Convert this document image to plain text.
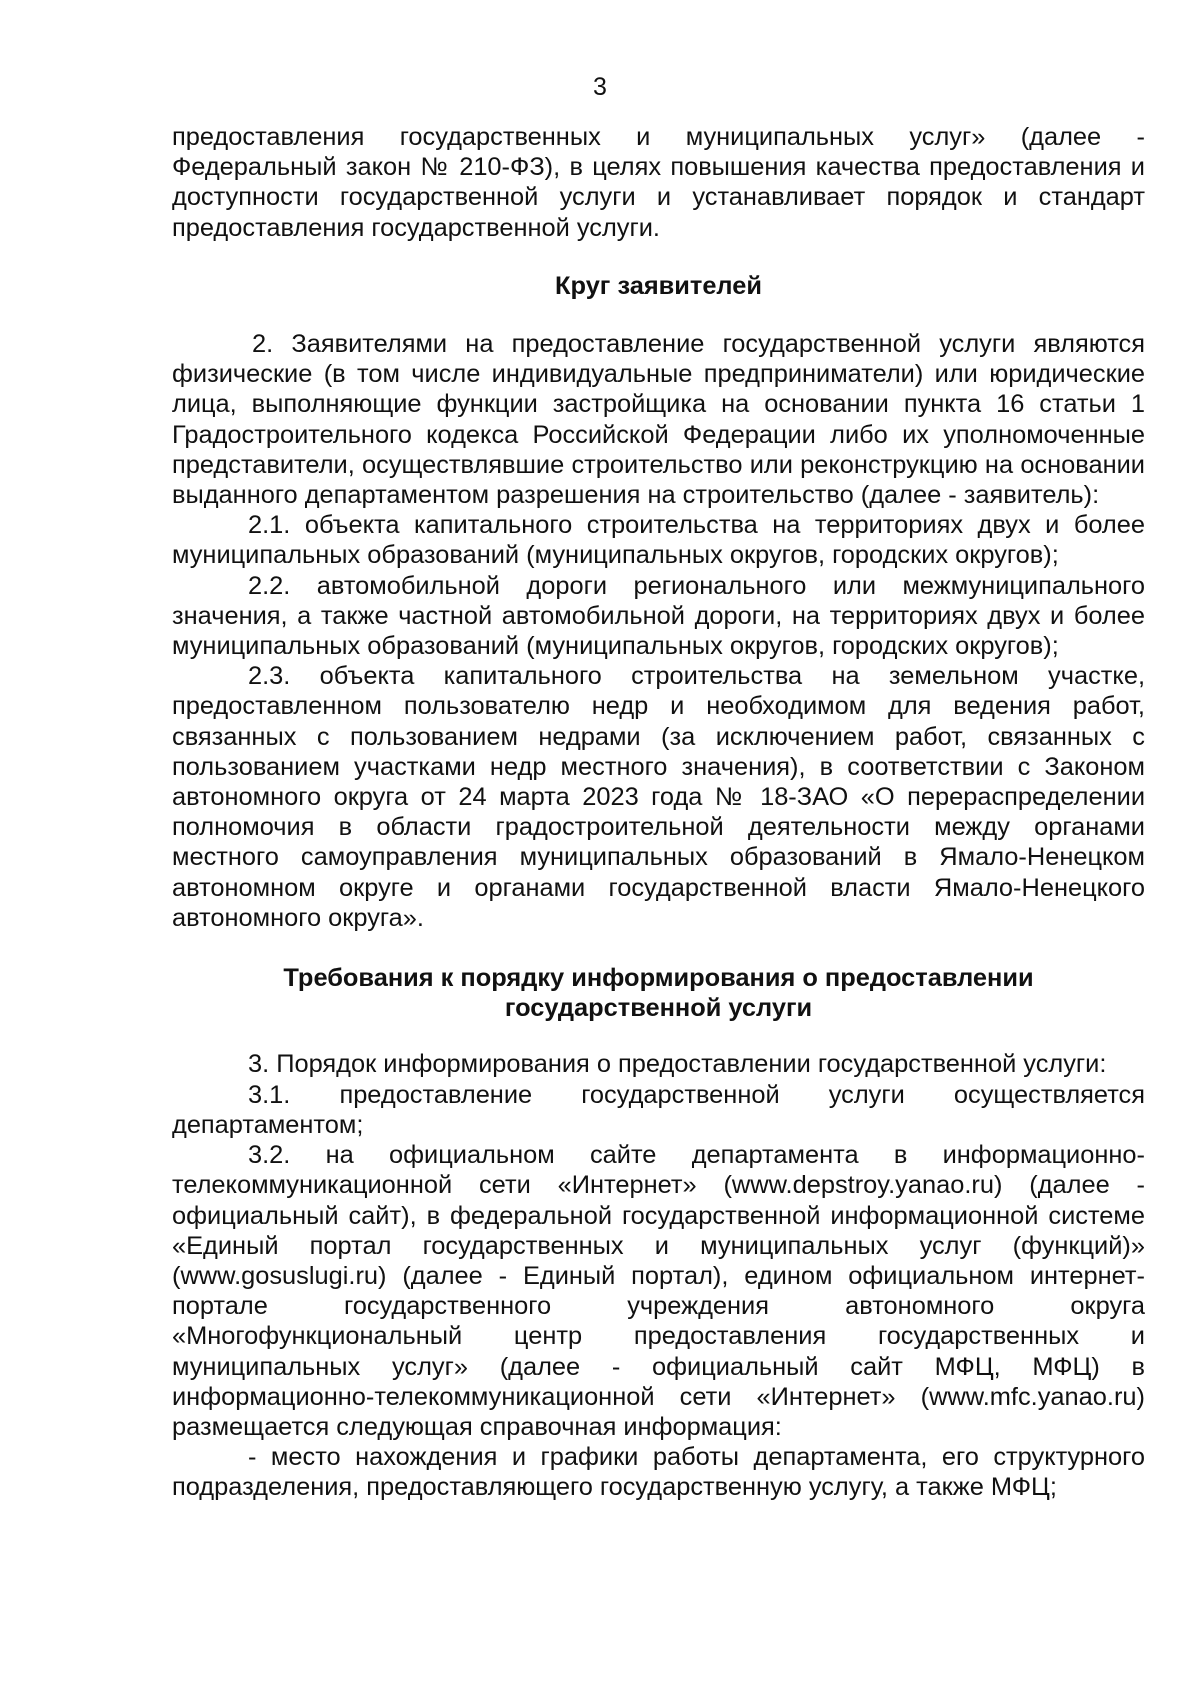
3

предоставления государственных и муниципальных услуг» (далее - Федеральный закон № 210-ФЗ), в целях повышения качества предоставления и доступности государственной услуги и устанавливает порядок и стандарт предоставления государственной услуги.

Круг заявителей

2. Заявителями на предоставление государственной услуги являются физические (в том числе индивидуальные предприниматели) или юридические лица, выполняющие функции застройщика на основании пункта 16 статьи 1 Градостроительного кодекса Российской Федерации либо их уполномоченные представители, осуществлявшие строительство или реконструкцию на основании выданного департаментом разрешения на строительство (далее - заявитель):

2.1. объекта капитального строительства на территориях двух и более муниципальных образований (муниципальных округов, городских округов);

2.2. автомобильной дороги регионального или межмуниципального значения, а также частной автомобильной дороги, на территориях двух и более муниципальных образований (муниципальных округов, городских округов);

2.3. объекта капитального строительства на земельном участке, предоставленном пользователю недр и необходимом для ведения работ, связанных с пользованием недрами (за исключением работ, связанных с пользованием участками недр местного значения), в соответствии с Законом автономного округа от 24 марта 2023 года № 18-ЗАО «О перераспределении полномочия в области градостроительной деятельности между органами местного самоуправления муниципальных образований в Ямало-Ненецком автономном округе и органами государственной власти Ямало-Ненецкого автономного округа».

Требования к порядку информирования о предоставлении
государственной услуги

3. Порядок информирования о предоставлении государственной услуги:

3.1. предоставление государственной услуги осуществляется департаментом;

3.2. на официальном сайте департамента в информационно-телекоммуникационной сети «Интернет» (www.depstroy.yanao.ru) (далее - официальный сайт), в федеральной государственной информационной системе «Единый портал государственных и муниципальных услуг (функций)» (www.gosuslugi.ru) (далее - Единый портал), едином официальном интернет-портале государственного учреждения автономного округа «Многофункциональный центр предоставления государственных и муниципальных услуг» (далее - официальный сайт МФЦ, МФЦ) в информационно-телекоммуникационной сети «Интернет» (www.mfc.yanao.ru) размещается следующая справочная информация:

- место нахождения и графики работы департамента, его структурного подразделения, предоставляющего государственную услугу, а также МФЦ;
